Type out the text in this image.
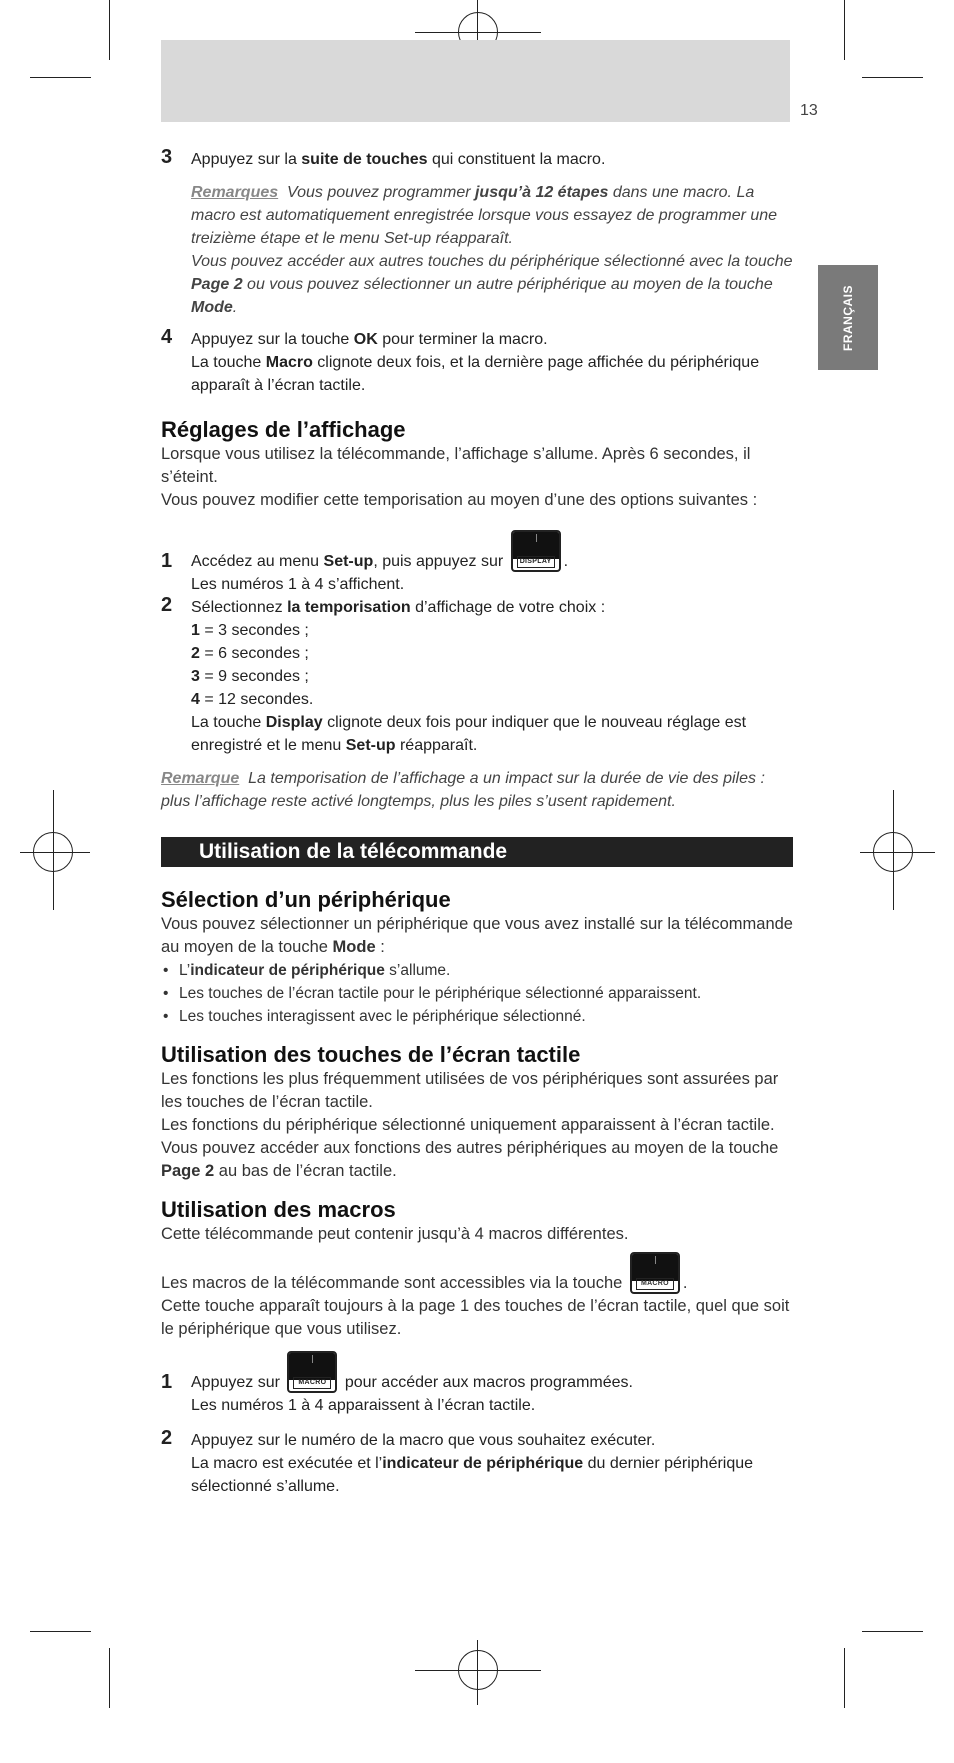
13
FRANÇAIS
3 Appuyez sur la suite de touches qui constituent la macro.

Remarques Vous pouvez programmer jusqu’à 12 étapes dans une macro. La macro est automatiquement enregistrée lorsque vous essayez de programmer une treizième étape et le menu Set-up réapparaît.

Vous pouvez accéder aux autres touches du périphérique sélectionné avec la touche Page 2 ou vous pouvez sélectionner un autre périphérique au moyen de la touche Mode.

4 Appuyez sur la touche OK pour terminer la macro.

La touche Macro clignote deux fois, et la dernière page affichée du périphérique apparaît à l’écran tactile.

Réglages de l’affichage

Lorsque vous utilisez la télécommande, l’affichage s’allume. Après 6 secondes, il s’éteint.

Vous pouvez modifier cette temporisation au moyen d’une des options suivantes :

1 Accédez au menu Set-up, puis appuyez sur	DISPLAY .

Les numéros 1 à 4 s’affichent.

2 Sélectionnez la temporisation d’affichage de votre choix :

1 = 3 secondes ;

2 = 6 secondes ;

3 = 9 secondes ;

4 = 12 secondes.

La touche Display clignote deux fois pour indiquer que le nouveau réglage est enregistré et le menu Set-up réapparaît.

Remarque La temporisation de l’affichage a un impact sur la durée de vie des piles : plus l’affichage reste activé longtemps, plus les piles s’usent rapidement.
Utilisation de la télécommande
Sélection d’un périphérique

Vous pouvez sélectionner un périphérique que vous avez installé sur la télécommande au moyen de la touche Mode :

• L’indicateur de périphérique s’allume.
• Les touches de l’écran tactile pour le périphérique sélectionné apparaissent.
• Les touches interagissent avec le périphérique sélectionné.
Utilisation des touches de l’écran tactile

Les fonctions les plus fréquemment utilisées de vos périphériques sont assurées par les touches de l’écran tactile.

Les fonctions du périphérique sélectionné uniquement apparaissent à l’écran tactile. Vous pouvez accéder aux fonctions des autres périphériques au moyen de la touche Page 2 au bas de l’écran tactile.

Utilisation des macros

Cette télécommande peut contenir jusqu’à 4 macros différentes.

Les macros de la télécommande sont accessibles via la touche	MACRO .

Cette touche apparaît toujours à la page 1 des touches de l’écran tactile, quel que soit le périphérique que vous utilisez.

1 Appuyez sur	MACRO pour accéder aux macros programmées.

Les numéros 1 à 4 apparaissent à l’écran tactile.

2 Appuyez sur le numéro de la macro que vous souhaitez exécuter.

La macro est exécutée et l’indicateur de périphérique du dernier périphérique sélectionné s’allume.
